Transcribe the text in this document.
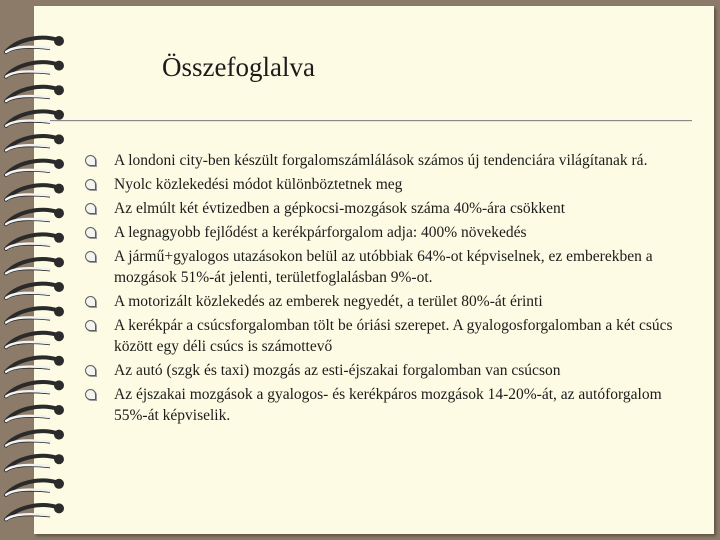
Összefoglalva
A londoni city-ben készült forgalomszámlálások számos új tendenciára világítanak rá.
Nyolc közlekedési módot különböztetnek meg
Az elmúlt két évtizedben a gépkocsi-mozgások száma 40%-ára csökkent
A legnagyobb fejlődést a kerékpárforgalom adja: 400% növekedés
A jármű+gyalogos utazásokon belül az utóbbiak 64%-ot képviselnek, ez emberekben a mozgások 51%-át jelenti, területfoglalásban 9%-ot.
A motorizált közlekedés az emberek negyedét, a terület 80%-át érinti
A kerékpár a csúcsforgalomban tölt be óriási szerepet. A gyalogosforgalomban a két csúcs között egy déli csúcs is számottevő
Az autó (szgk és taxi) mozgás az esti-éjszakai forgalomban van csúcson
Az éjszakai mozgások a gyalogos- és kerékpáros mozgások 14-20%-át, az autóforgalom 55%-át képviselik.
